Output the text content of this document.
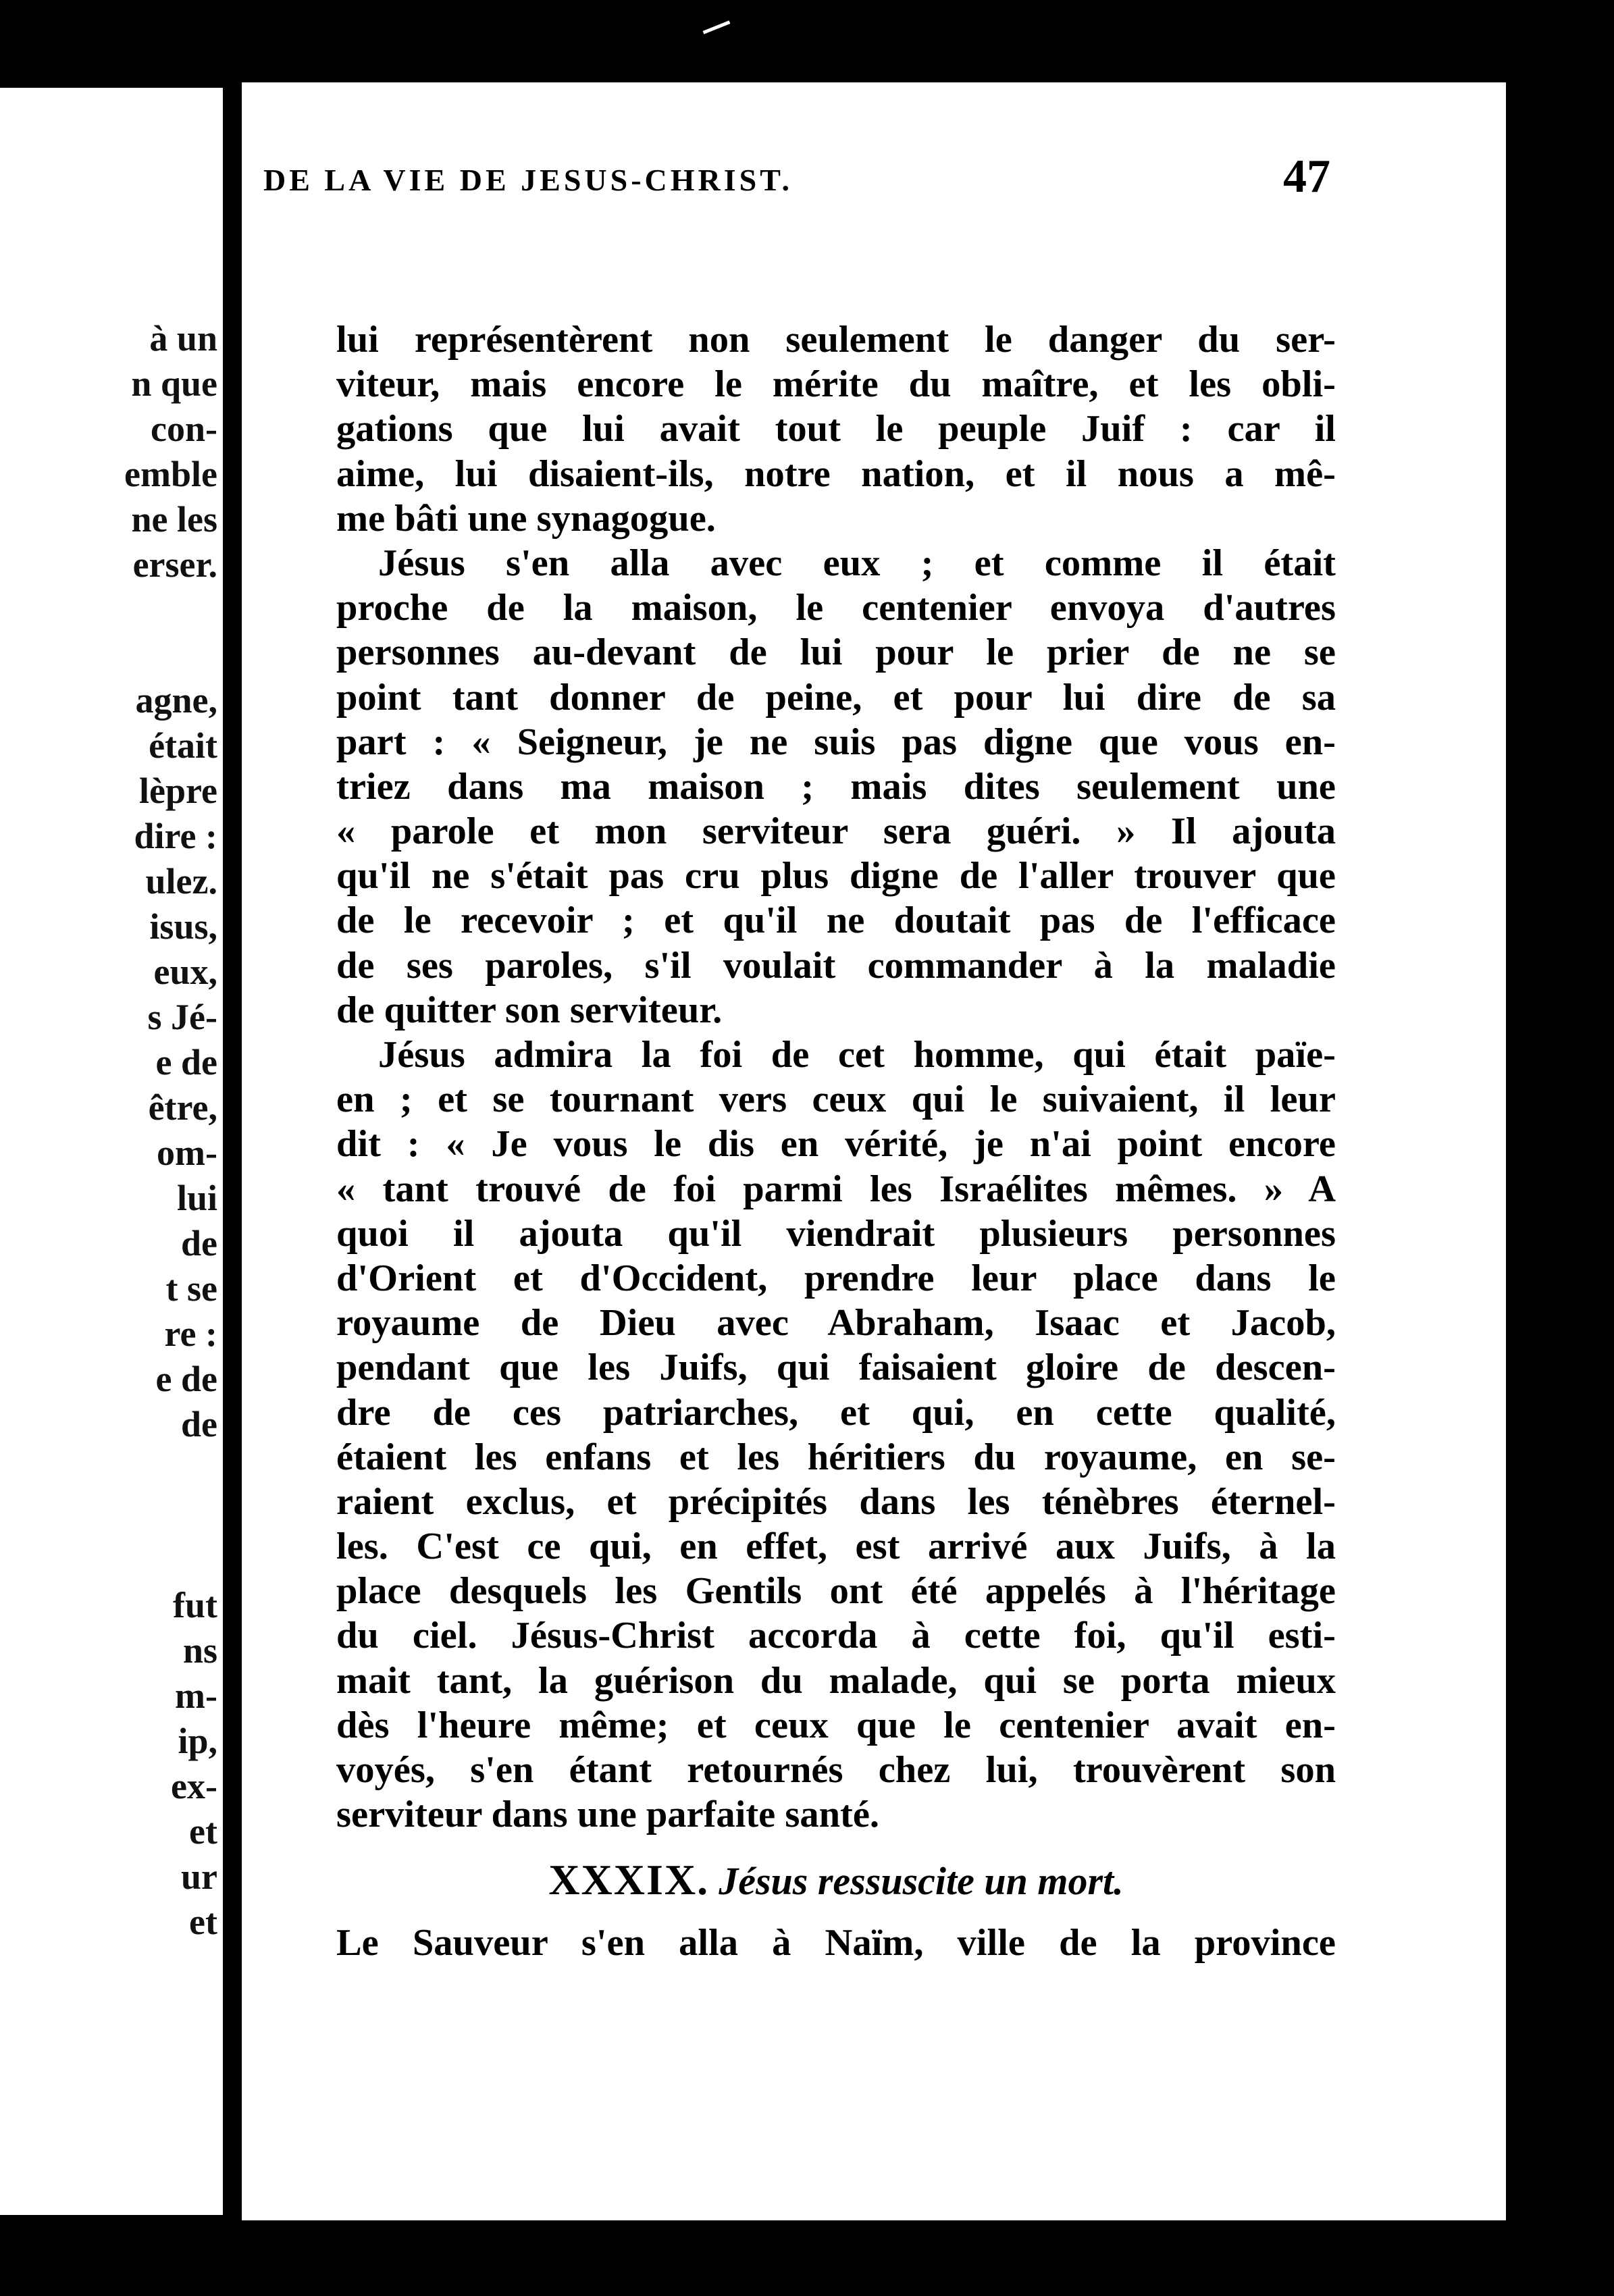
à un
n que
con-
emble
ne les
erser.
agne,
était
lèpre
dire :
ulez.
isus,
eux,
s Jé-
e de
être,
om-
lui
de
t se
re :
e de
de
fut
ns
m-
ip,
ex-
et
ur
et
DE LA VIE DE JESUS-CHRIST.	47
lui représentèrent non seulement le danger du ser-
viteur, mais encore le mérite du maître, et les obli-
gations que lui avait tout le peuple Juif : car il
aime, lui disaient-ils, notre nation, et il nous a mê-
me bâti une synagogue.
Jésus s'en alla avec eux ; et comme il était
proche de la maison, le centenier envoya d'autres
personnes au-devant de lui pour le prier de ne se
point tant donner de peine, et pour lui dire de sa
part : « Seigneur, je ne suis pas digne que vous en-
triez dans ma maison ; mais dites seulement une
« parole et mon serviteur sera guéri. » Il ajouta
qu'il ne s'était pas cru plus digne de l'aller trouver que
de le recevoir ; et qu'il ne doutait pas de l'efficace
de ses paroles, s'il voulait commander à la maladie
de quitter son serviteur.
Jésus admira la foi de cet homme, qui était païe-
en ; et se tournant vers ceux qui le suivaient, il leur
dit : « Je vous le dis en vérité, je n'ai point encore
« tant trouvé de foi parmi les Israélites mêmes. » A
quoi il ajouta qu'il viendrait plusieurs personnes
d'Orient et d'Occident, prendre leur place dans le
royaume de Dieu avec Abraham, Isaac et Jacob,
pendant que les Juifs, qui faisaient gloire de descen-
dre de ces patriarches, et qui, en cette qualité,
étaient les enfans et les héritiers du royaume, en se-
raient exclus, et précipités dans les ténèbres éternel-
les. C'est ce qui, en effet, est arrivé aux Juifs, à la
place desquels les Gentils ont été appelés à l'héritage
du ciel. Jésus-Christ accorda à cette foi, qu'il esti-
mait tant, la guérison du malade, qui se porta mieux
dès l'heure même; et ceux que le centenier avait en-
voyés, s'en étant retournés chez lui, trouvèrent son
serviteur dans une parfaite santé.
XXXIX. Jésus ressuscite un mort.
Le Sauveur s'en alla à Naïm, ville de la province
